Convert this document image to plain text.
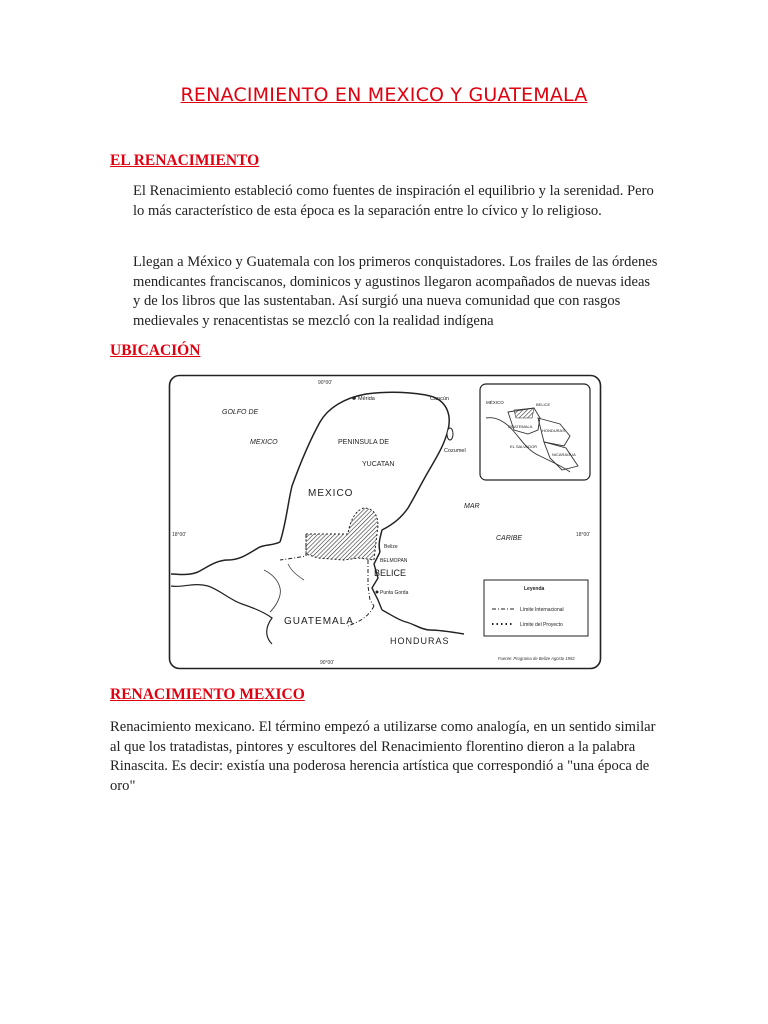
RENACIMIENTO EN MEXICO Y GUATEMALA
EL RENACIMIENTO

El Renacimiento estableció como fuentes de inspiración el equilibrio y la serenidad. Pero lo más característico de esta época es la separación entre lo cívico y lo religioso.

Llegan a México y Guatemala con los primeros conquistadores. Los frailes de las órdenes mendicantes franciscanos, dominicos y agustinos llegaron acompañados de nuevas ideas y de los libros que las sustentaban. Así surgió una nueva comunidad que con rasgos medievales y renacentistas se mezcló con la realidad indígena

UBICACIÓN
90°00'
90°00'
18°00'	18°00'
GOLFO DE
MEXICO	PENINSULA DE
YUCATAN
MEXICO
MAR
CARIBE
BELICE
BELMOPAN
Belize
GUATEMALA
HONDURAS
Mérida	Cancún
Cozumel
Punta Gorda
MÉXICO	BELICE
GUATEMALA
HONDURAS
EL SALVADOR
NICARAGUA
Leyenda
Límite Internacional
Límite del Proyecto
Fuente: Programa de Belize Agosto 1992
RENACIMIENTO MEXICO

Renacimiento mexicano. El término empezó a utilizarse como analogía, en un sentido similar al que los tratadistas, pintores y escultores del Renacimiento florentino dieron a la palabra Rinascita. Es decir: existía una poderosa herencia artística que correspondió a "una época de oro"
